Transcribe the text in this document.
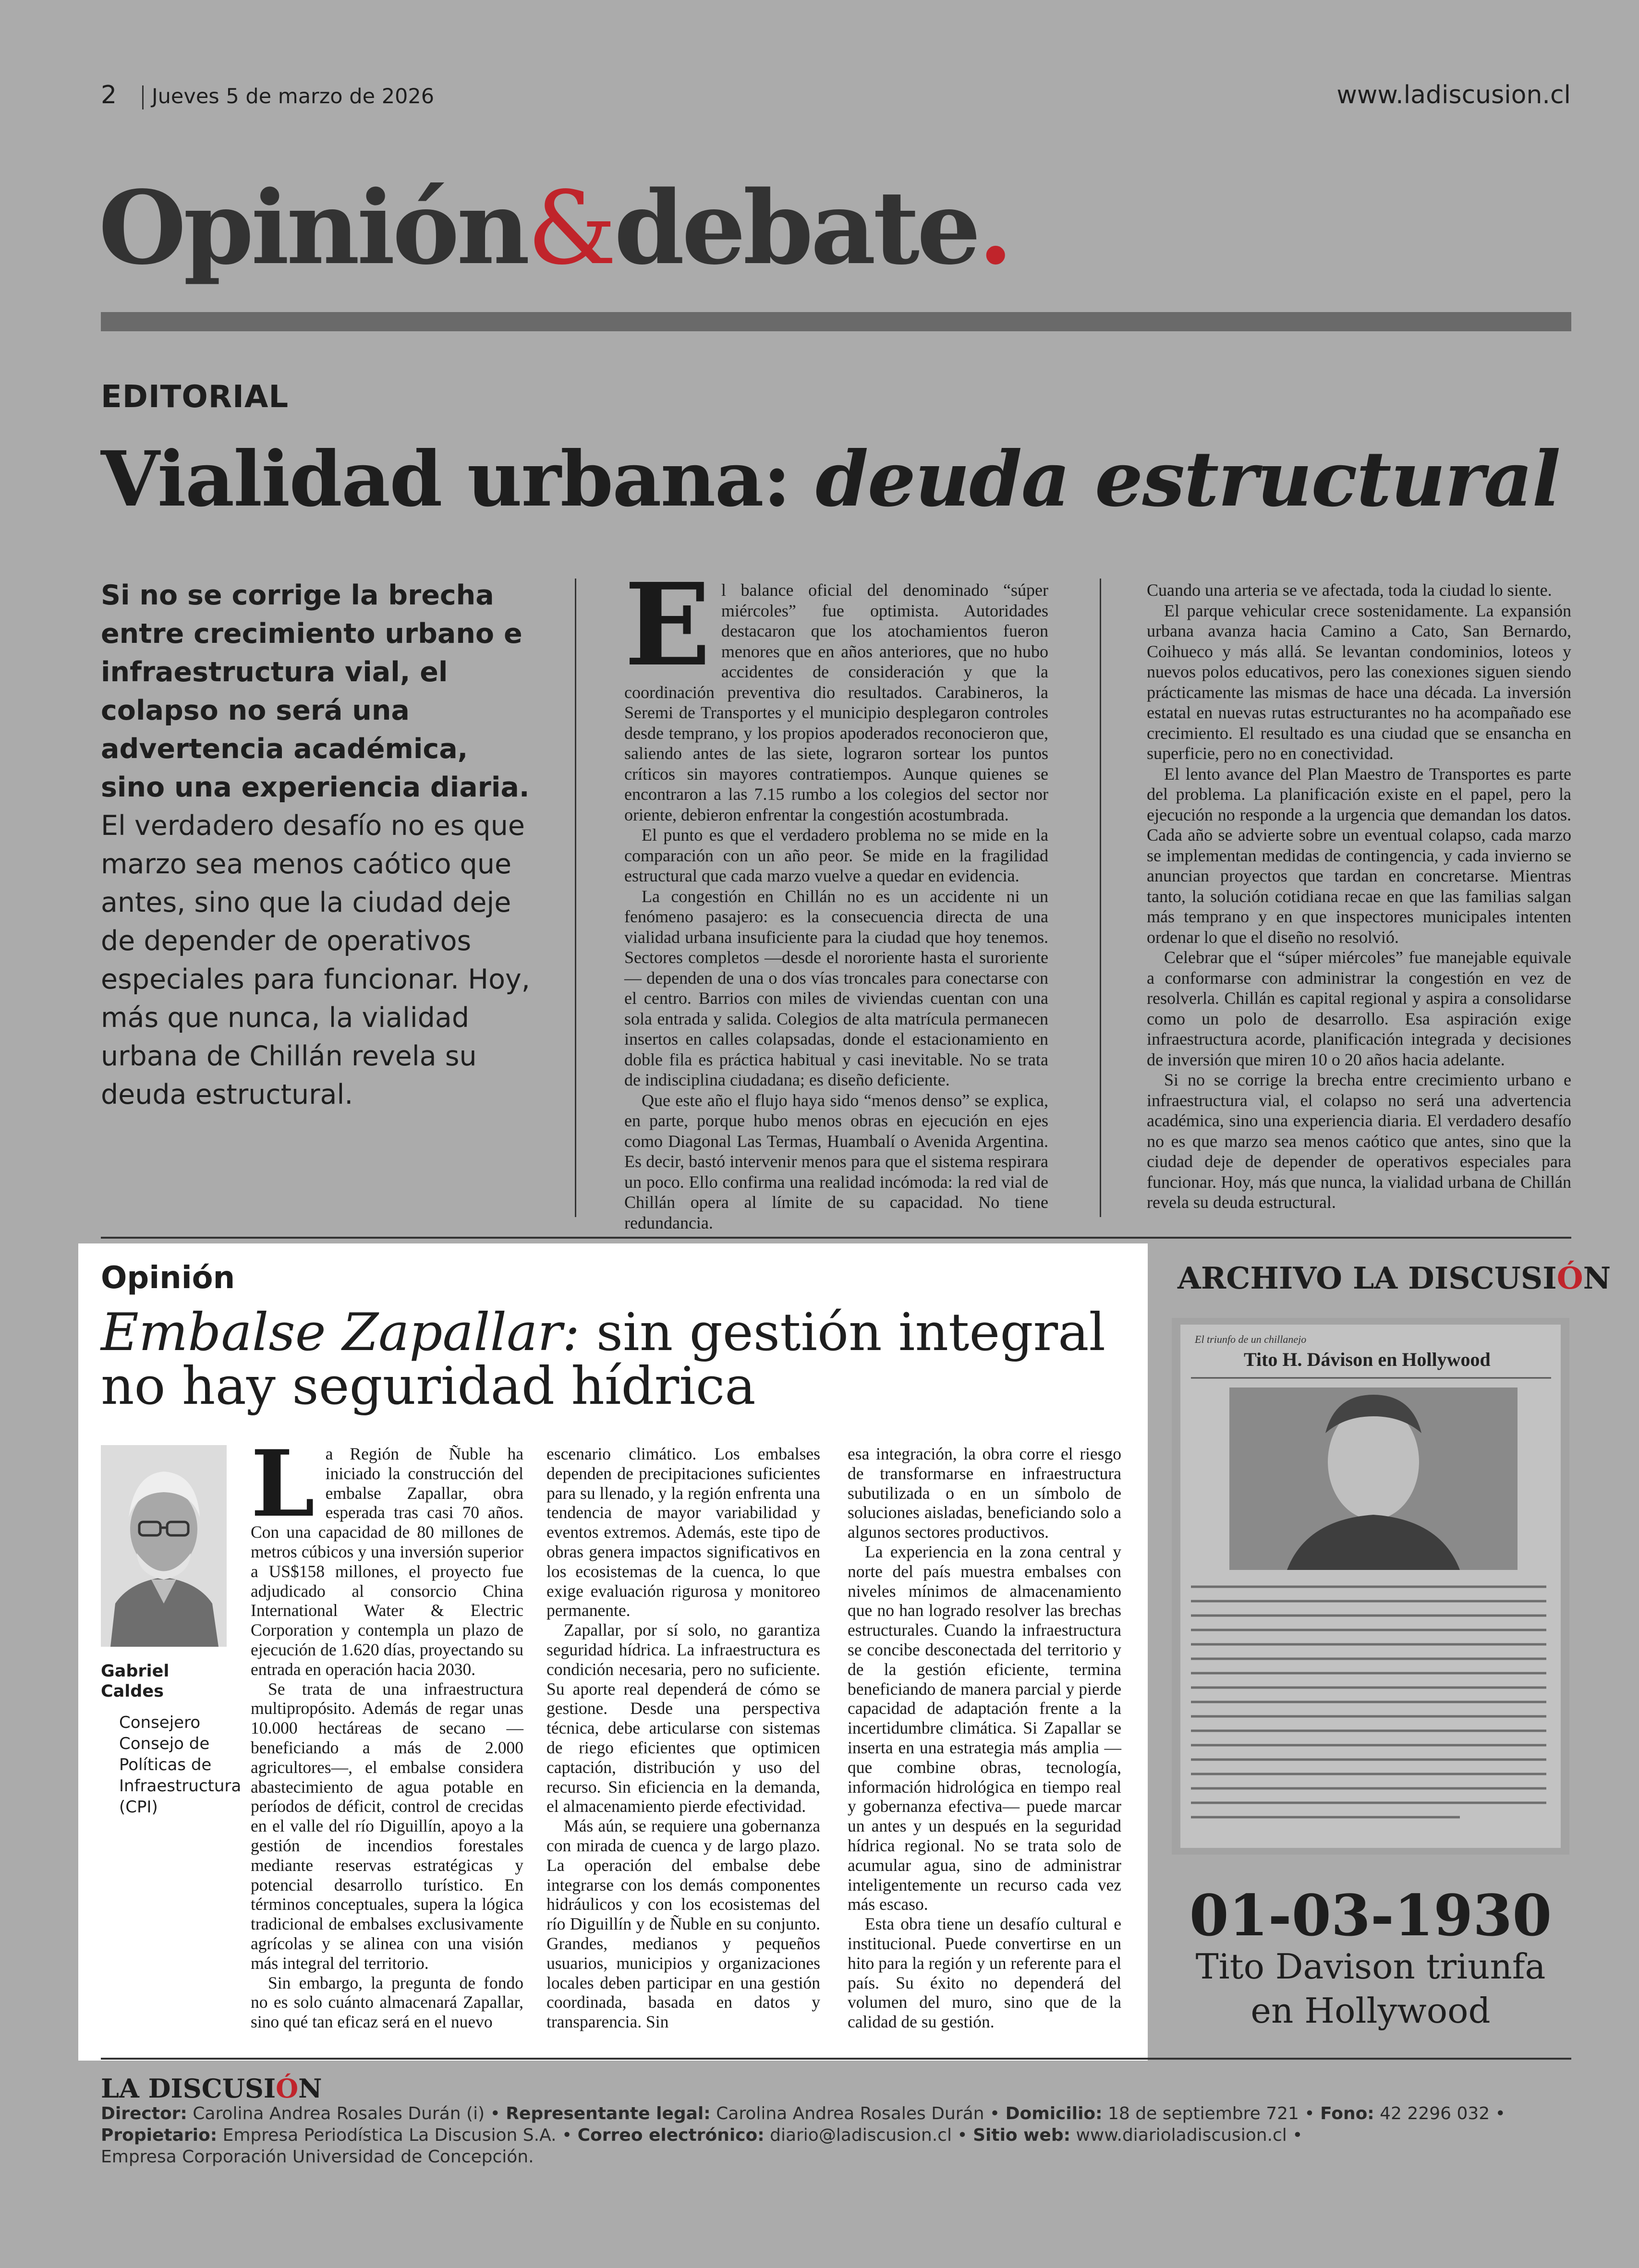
2 Jueves 5 de marzo de 2026	www.ladiscusion.cl
Opinión&debate.
EDITORIAL
Vialidad urbana: deuda estructural
Si no se corrige la brecha entre crecimiento urbano e infraestructura vial, el colapso no será una advertencia académica, sino una experiencia diaria. El verdadero desafío no es que marzo sea menos caótico que antes, sino que la ciudad deje de depender de operativos especiales para funcionar. Hoy, más que nunca, la vialidad urbana de Chillán revela su deuda estructural.
E l balance oficial del denominado “súper miércoles” fue optimista. Autoridades destacaron que los atochamientos fueron menores que en años anteriores, que no hubo accidentes de consideración y que la coordinación preventiva dio resultados. Carabineros, la Seremi de Transportes y el municipio desplegaron controles desde temprano, y los propios apoderados reconocieron que, saliendo antes de las siete, lograron sortear los puntos críticos sin mayores contratiempos. Aunque quienes se encontraron a las 7.15 rumbo a los colegios del sector nor oriente, debieron enfrentar la congestión acostumbrada.

El punto es que el verdadero problema no se mide en la comparación con un año peor. Se mide en la fragilidad estructural que cada marzo vuelve a quedar en evidencia.

La congestión en Chillán no es un accidente ni un fenómeno pasajero: es la consecuencia directa de una vialidad urbana insuficiente para la ciudad que hoy tenemos. Sectores completos —desde el nororiente hasta el suroriente— dependen de una o dos vías troncales para conectarse con el centro. Barrios con miles de viviendas cuentan con una sola entrada y salida. Colegios de alta matrícula permanecen insertos en calles colapsadas, donde el estacionamiento en doble fila es práctica habitual y casi inevitable. No se trata de indisciplina ciudadana; es diseño deficiente.

Que este año el flujo haya sido “menos denso” se explica, en parte, porque hubo menos obras en ejecución en ejes como Diagonal Las Termas, Huambalí o Avenida Argentina. Es decir, bastó intervenir menos para que el sistema respirara un poco. Ello confirma una realidad incómoda: la red vial de Chillán opera al límite de su capacidad. No tiene redundancia.

Cuando una arteria se ve afectada, toda la ciudad lo siente.

El parque vehicular crece sostenidamente. La expansión urbana avanza hacia Camino a Cato, San Bernardo, Coihueco y más allá. Se levantan condominios, loteos y nuevos polos educativos, pero las conexiones siguen siendo prácticamente las mismas de hace una década. La inversión estatal en nuevas rutas estructurantes no ha acompañado ese crecimiento. El resultado es una ciudad que se ensancha en superficie, pero no en conectividad.

El lento avance del Plan Maestro de Transportes es parte del problema. La planificación existe en el papel, pero la ejecución no responde a la urgencia que demandan los datos. Cada año se advierte sobre un eventual colapso, cada marzo se implementan medidas de contingencia, y cada invierno se anuncian proyectos que tardan en concretarse. Mientras tanto, la solución cotidiana recae en que las familias salgan más temprano y en que inspectores municipales intenten ordenar lo que el diseño no resolvió.

Celebrar que el “súper miércoles” fue manejable equivale a conformarse con administrar la congestión en vez de resolverla. Chillán es capital regional y aspira a consolidarse como un polo de desarrollo. Esa aspiración exige infraestructura acorde, planificación integrada y decisiones de inversión que miren 10 o 20 años hacia adelante.

Si no se corrige la brecha entre crecimiento urbano e infraestructura vial, el colapso no será una advertencia académica, sino una experiencia diaria. El verdadero desafío no es que marzo sea menos caótico que antes, sino que la ciudad deje de depender de operativos especiales para funcionar. Hoy, más que nunca, la vialidad urbana de Chillán revela su deuda estructural.

Opinión
Embalse Zapallar: sin gestión integral no hay seguridad hídrica
Gabriel Caldes
Consejero Consejo de Políticas de Infraestructura (CPI)
L a Región de Ñuble ha iniciado la construcción del embalse Zapallar, obra esperada tras casi 70 años. Con una capacidad de 80 millones de metros cúbicos y una inversión superior a US$158 millones, el proyecto fue adjudicado al consorcio China International Water & Electric Corporation y contempla un plazo de ejecución de 1.620 días, proyectando su entrada en operación hacia 2030.

Se trata de una infraestructura multipropósito. Además de regar unas 10.000 hectáreas de secano —beneficiando a más de 2.000 agricultores—, el embalse considera abastecimiento de agua potable en períodos de déficit, control de crecidas en el valle del río Diguillín, apoyo a la gestión de incendios forestales mediante reservas estratégicas y potencial desarrollo turístico. En términos conceptuales, supera la lógica tradicional de embalses exclusivamente agrícolas y se alinea con una visión más integral del territorio.

Sin embargo, la pregunta de fondo no es solo cuánto almacenará Zapallar, sino qué tan eficaz será en el nuevo

escenario climático. Los embalses dependen de precipitaciones suficientes para su llenado, y la región enfrenta una tendencia de mayor variabilidad y eventos extremos. Además, este tipo de obras genera impactos significativos en los ecosistemas de la cuenca, lo que exige evaluación rigurosa y monitoreo permanente.

Zapallar, por sí solo, no garantiza seguridad hídrica. La infraestructura es condición necesaria, pero no suficiente. Su aporte real dependerá de cómo se gestione. Desde una perspectiva técnica, debe articularse con sistemas de riego eficientes que optimicen captación, distribución y uso del recurso. Sin eficiencia en la demanda, el almacenamiento pierde efectividad.

Más aún, se requiere una gobernanza con mirada de cuenca y de largo plazo. La operación del embalse debe integrarse con los demás componentes hidráulicos y con los ecosistemas del río Diguillín y de Ñuble en su conjunto. Grandes, medianos y pequeños usuarios, municipios y organizaciones locales deben participar en una gestión coordinada, basada en datos y transparencia. Sin

esa integración, la obra corre el riesgo de transformarse en infraestructura subutilizada o en un símbolo de soluciones aisladas, beneficiando solo a algunos sectores productivos.

La experiencia en la zona central y norte del país muestra embalses con niveles mínimos de almacenamiento que no han logrado resolver las brechas estructurales. Cuando la infraestructura se concibe desconectada del territorio y de la gestión eficiente, termina beneficiando de manera parcial y pierde capacidad de adaptación frente a la incertidumbre climática. Si Zapallar se inserta en una estrategia más amplia —que combine obras, tecnología, información hidrológica en tiempo real y gobernanza efectiva— puede marcar un antes y un después en la seguridad hídrica regional. No se trata solo de acumular agua, sino de administrar inteligentemente un recurso cada vez más escaso.

Esta obra tiene un desafío cultural e institucional. Puede convertirse en un hito para la región y un referente para el país. Su éxito no dependerá del volumen del muro, sino que de la calidad de su gestión.

ARCHIVO LA DISCUSIÓN
El triunfo de un chillanejo
Tito H. Dávison en Hollywood
01-03-1930
Tito Davison triunfa en Hollywood
LA DISCUSIÓN
Director: Carolina Andrea Rosales Durán (i) • Representante legal: Carolina Andrea Rosales Durán • Domicilio: 18 de septiembre 721 • Fono: 42 2296 032 •
Propietario: Empresa Periodística La Discusion S.A. • Correo electrónico: diario@ladiscusion.cl • Sitio web: www.diarioladiscusion.cl •
Empresa Corporación Universidad de Concepción.
